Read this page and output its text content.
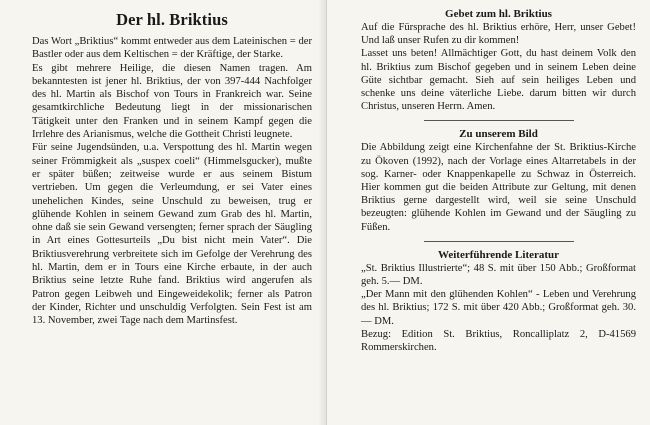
Der hl. Briktius

Das Wort „Briktius“ kommt entweder aus dem Lateinischen = der Bastler oder aus dem Keltischen = der Kräftige, der Starke.

Es gibt mehrere Heilige, die diesen Namen tragen. Am bekanntesten ist jener hl. Briktius, der von 397-444 Nachfolger des hl. Martin als Bischof von Tours in Frankreich war. Seine gesamtkirchliche Bedeutung liegt in der missionarischen Tätigkeit unter den Franken und in seinem Kampf gegen die Irrlehre des Arianismus, welche die Gottheit Christi leugnete.

Für seine Jugendsünden, u.a. Verspottung des hl. Martin wegen seiner Frömmigkeit als „suspex coeli“ (Himmelsgucker), mußte er später büßen; zeitweise wurde er aus seinem Bistum vertrieben. Um gegen die Verleumdung, er sei Vater eines unehelichen Kindes, seine Unschuld zu beweisen, trug er glühende Kohlen in seinem Gewand zum Grab des hl. Martin, ohne daß sie sein Gewand versengten; ferner sprach der Säugling in Art eines Gottesurteils „Du bist nicht mein Vater“. Die Briktiusverehrung verbreitete sich im Gefolge der Verehrung des hl. Martin, dem er in Tours eine Kirche erbaute, in der auch Briktius seine letzte Ruhe fand. Briktius wird angerufen als Patron gegen Leibweh und Eingeweidekolik; ferner als Patron der Kinder, Richter und unschuldig Verfolgten. Sein Fest ist am 13. November, zwei Tage nach dem Martinsfest.

Gebet zum hl. Briktius

Auf die Fürsprache des hl. Briktius erhöre, Herr, unser Gebet! Und laß unser Rufen zu dir kommen!

Lasset uns beten! Allmächtiger Gott, du hast deinem Volk den hl. Briktius zum Bischof gegeben und in seinem Leben deine Güte sichtbar gemacht. Sieh auf sein heiliges Leben und schenke uns deine väterliche Liebe. darum bitten wir durch Christus, unseren Herrn. Amen.

Zu unserem Bild

Die Abbildung zeigt eine Kirchenfahne der St. Briktius-Kirche zu Ökoven (1992), nach der Vorlage eines Altarretabels in der sog. Karner- oder Knappenkapelle zu Schwaz in Österreich. Hier kommen gut die beiden Attribute zur Geltung, mit denen Briktius gerne dargestellt wird, weil sie seine Unschuld bezeugten: glühende Kohlen im Gewand und der Säugling zu Füßen.

Weiterführende Literatur

„St. Briktius Illustrierte“; 48 S. mit über 150 Abb.; Großformat geh. 5.— DM.

„Der Mann mit den glühenden Kohlen“ - Leben und Verehrung des hl. Briktius; 172 S. mit über 420 Abb.; Großformat geh. 30.— DM.

Bezug: Edition St. Briktius, Roncalliplatz 2, D-41569 Rommerskirchen.
